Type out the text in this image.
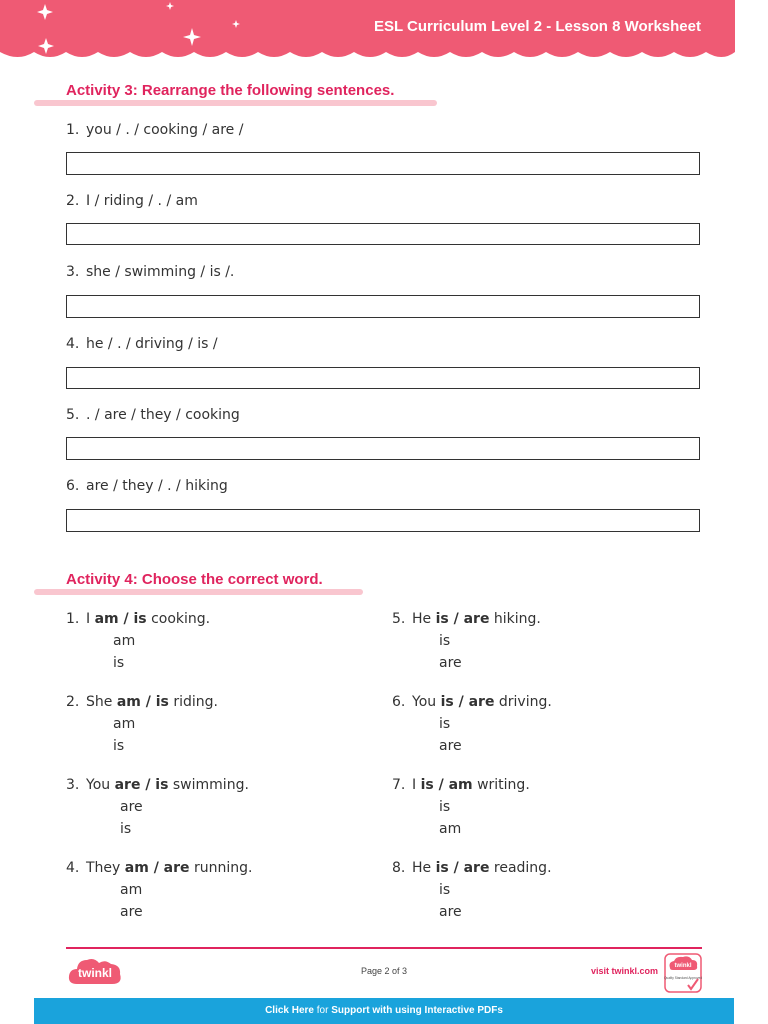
ESL Curriculum Level 2 - Lesson 8 Worksheet
Activity 3: Rearrange the following sentences.
1. you / . / cooking / are /
2. I / riding / . / am
3. she / swimming / is /.
4. he / . / driving / is /
5. . / are / they / cooking
6. are / they / . / hiking
Activity 4: Choose the correct word.
1. I am / is cooking.
am
is
2. She am / is riding.
am
is
3. You are / is swimming.
are
is
4. They am / are running.
am
are
5. He is / are hiking.
is
are
6. You is / are driving.
is
are
7. I is / am writing.
is
am
8. He is / are reading.
is
are
twinkl	Page 2 of 3	visit twinkl.com	twinkl
Quality Standard Approved
Click Here for Support with using Interactive PDFs
